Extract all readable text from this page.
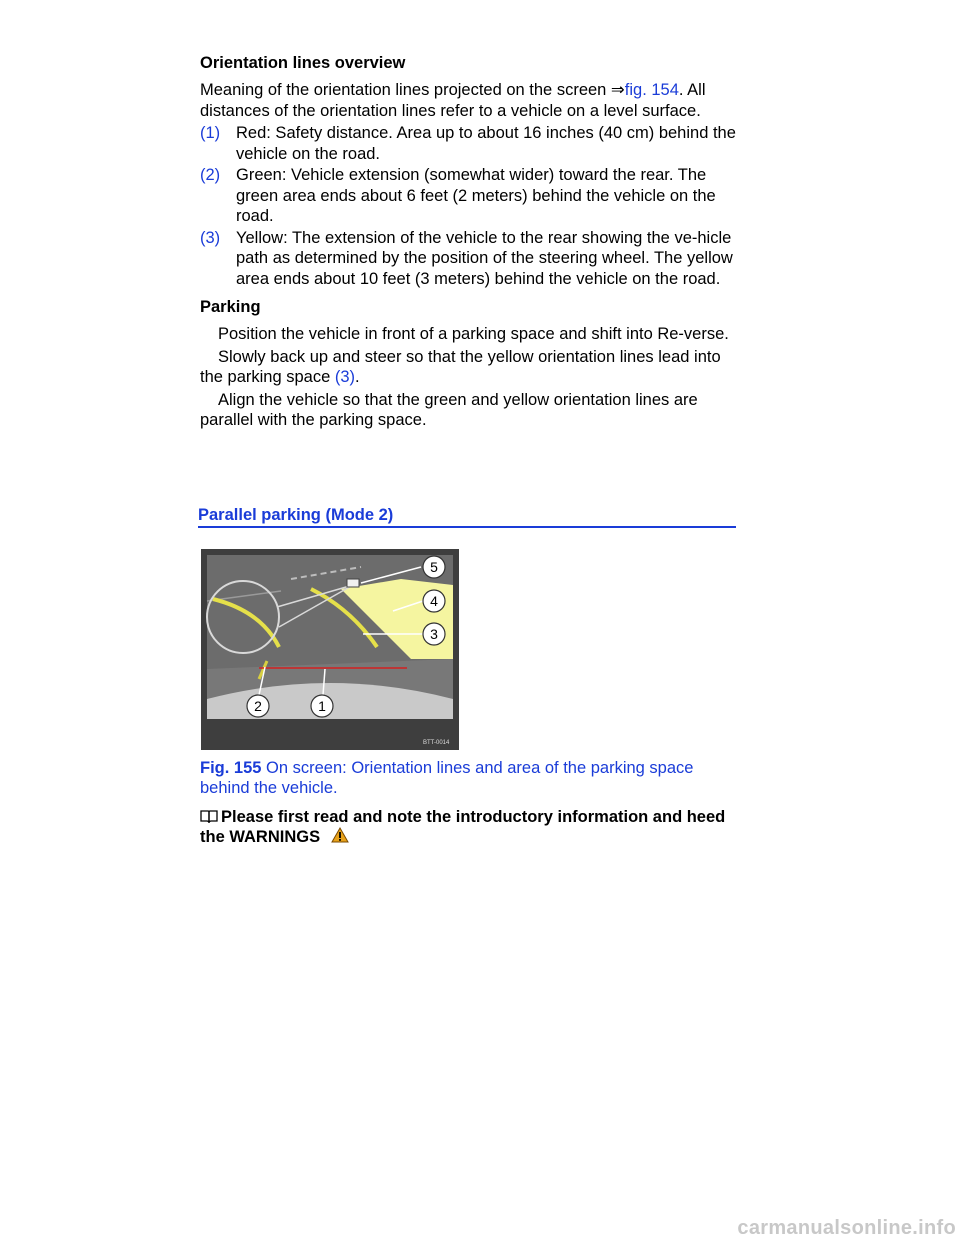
Orientation lines overview
Meaning of the orientation lines projected on the screen ⇒fig. 154. All distances of the orientation lines refer to a vehicle on a level surface.
(1) Red: Safety distance. Area up to about 16 inches (40 cm) behind the vehicle on the road.
(2) Green: Vehicle extension (somewhat wider) toward the rear. The green area ends about 6 feet (2 meters) behind the vehicle on the road.
(3) Yellow: The extension of the vehicle to the rear showing the ve-hicle path as determined by the position of the steering wheel. The yellow area ends about 10 feet (3 meters) behind the vehicle on the road.
Parking
Position the vehicle in front of a parking space and shift into Re-verse.
Slowly back up and steer so that the yellow orientation lines lead into the parking space (3).
Align the vehicle so that the green and yellow orientation lines are parallel with the parking space.
Parallel parking (Mode 2)
5
4
3
2	1
BTT-0014
Fig. 155 On screen: Orientation lines and area of the parking space behind the vehicle.
Please first read and note the introductory information and heed the WARNINGS
carmanualsonline.info
